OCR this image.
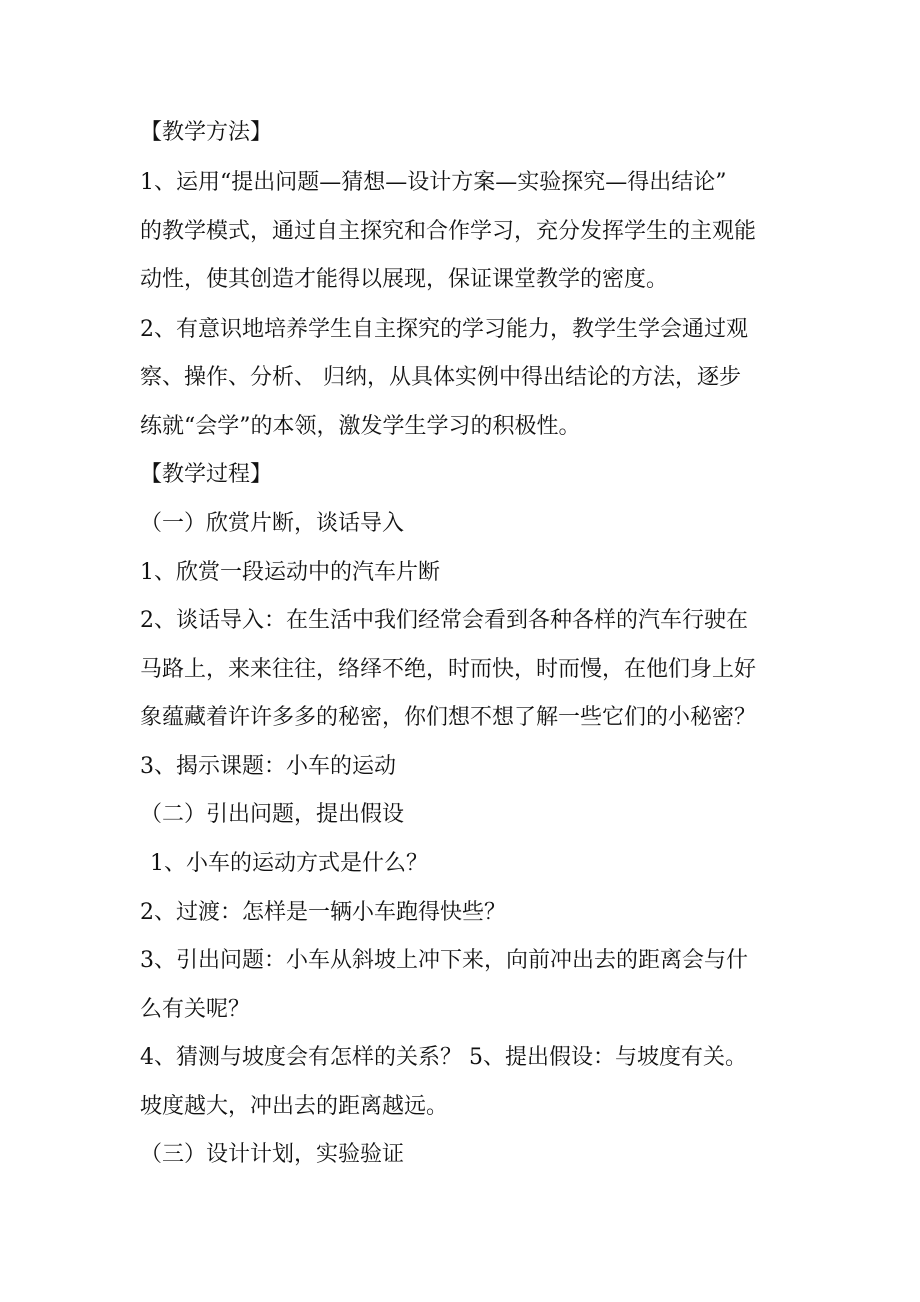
【教学方法】
1、运用“提出问题—猜想—设计方案—实验探究—得出结论”
的教学模式，通过自主探究和合作学习，充分发挥学生的主观能
动性，使其创造才能得以展现，保证课堂教学的密度。
2、有意识地培养学生自主探究的学习能力，教学生学会通过观
察、操作、分析、 归纳，从具体实例中得出结论的方法，逐步
练就“会学”的本领，激发学生学习的积极性。
【教学过程】
（一）欣赏片断，谈话导入
1、欣赏一段运动中的汽车片断
2、谈话导入：在生活中我们经常会看到各种各样的汽车行驶在
马路上，来来往往，络绎不绝，时而快，时而慢，在他们身上好
象蕴藏着许许多多的秘密，你们想不想了解一些它们的小秘密？
3、揭示课题：小车的运动
（二）引出问题，提出假设
1、小车的运动方式是什么？
2、过渡：怎样是一辆小车跑得快些？
3、引出问题：小车从斜坡上冲下来，向前冲出去的距离会与什
么有关呢？
4、猜测与坡度会有怎样的关系？ 5、提出假设：与坡度有关。
坡度越大，冲出去的距离越远。
（三）设计计划，实验验证
